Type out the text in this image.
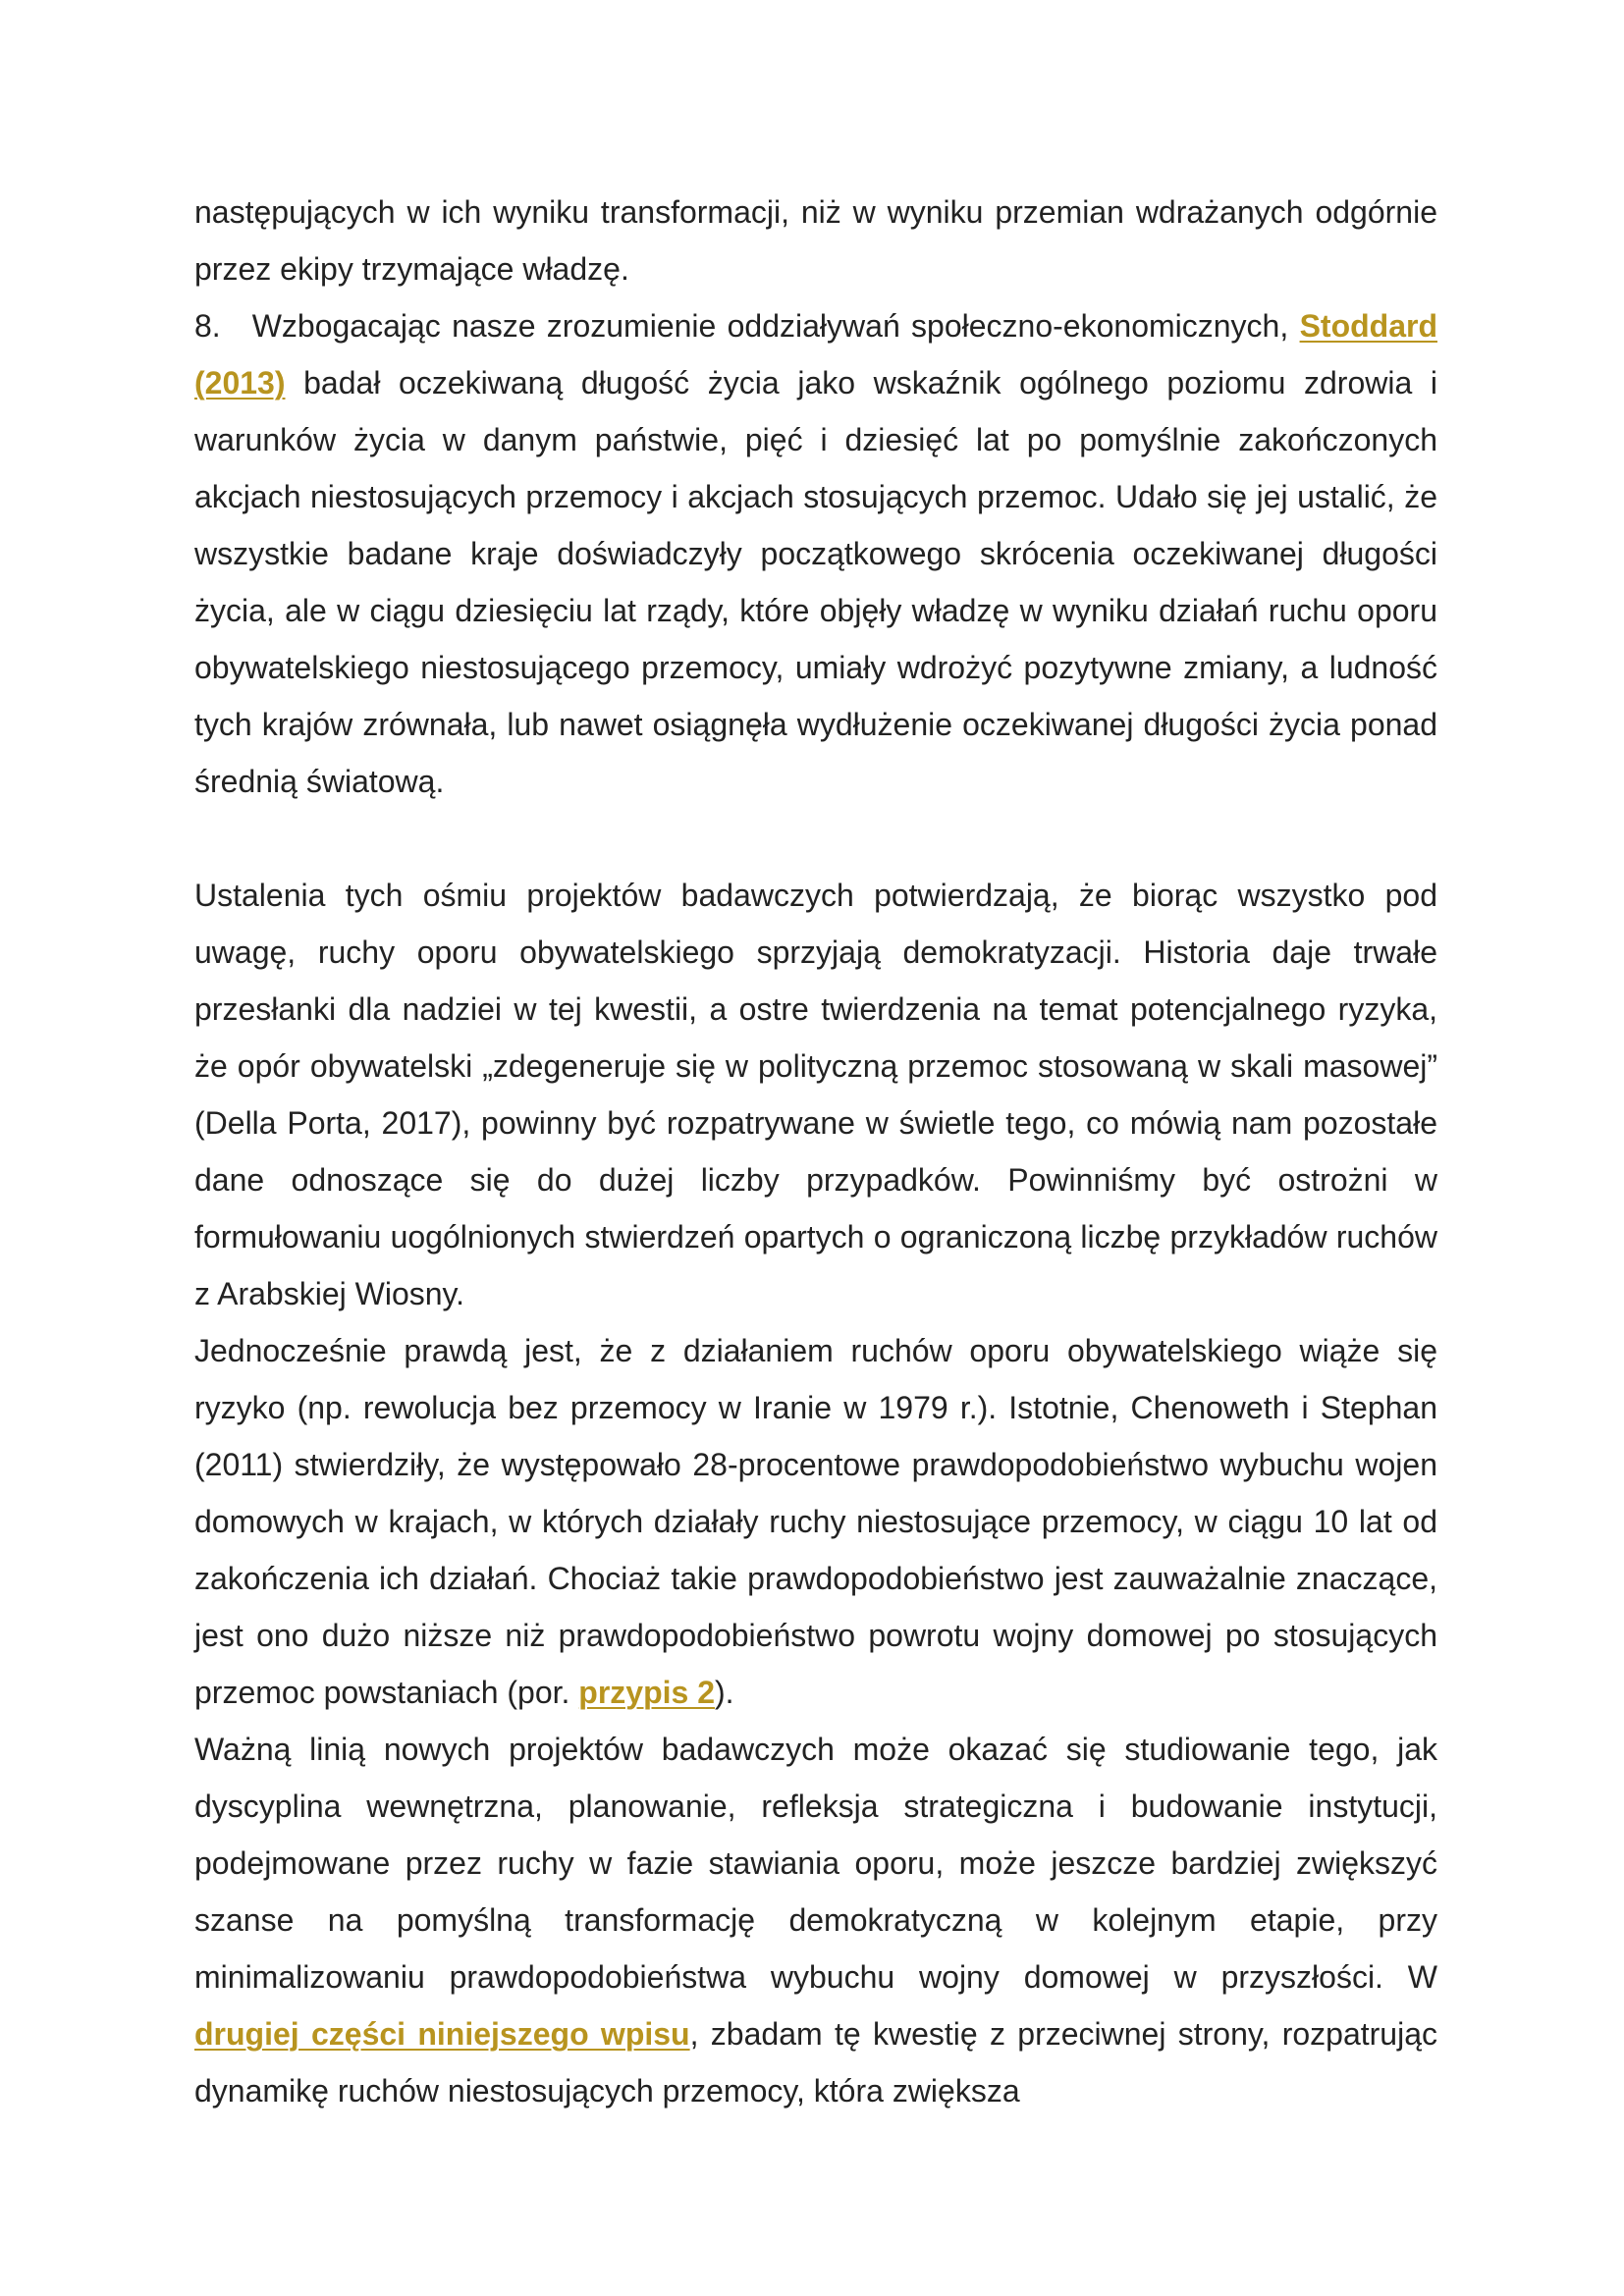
następujących w ich wyniku transformacji, niż w wyniku przemian wdrażanych odgórnie przez ekipy trzymające władzę.

8. Wzbogacając nasze zrozumienie oddziaływań społeczno-ekonomicznych, Stoddard (2013) badał oczekiwaną długość życia jako wskaźnik ogólnego poziomu zdrowia i warunków życia w danym państwie, pięć i dziesięć lat po pomyślnie zakończonych akcjach niestosujących przemocy i akcjach stosujących przemoc. Udało się jej ustalić, że wszystkie badane kraje doświadczyły początkowego skrócenia oczekiwanej długości życia, ale w ciągu dziesięciu lat rządy, które objęły władzę w wyniku działań ruchu oporu obywatelskiego niestosującego przemocy, umiały wdrożyć pozytywne zmiany, a ludność tych krajów zrównała, lub nawet osiągnęła wydłużenie oczekiwanej długości życia ponad średnią światową.

Ustalenia tych ośmiu projektów badawczych potwierdzają, że biorąc wszystko pod uwagę, ruchy oporu obywatelskiego sprzyjają demokratyzacji. Historia daje trwałe przesłanki dla nadziei w tej kwestii, a ostre twierdzenia na temat potencjalnego ryzyka, że opór obywatelski „zdegeneruje się w polityczną przemoc stosowaną w skali masowej” (Della Porta, 2017), powinny być rozpatrywane w świetle tego, co mówią nam pozostałe dane odnoszące się do dużej liczby przypadków. Powinniśmy być ostrożni w formułowaniu uogólnionych stwierdzeń opartych o ograniczoną liczbę przykładów ruchów z Arabskiej Wiosny.

Jednocześnie prawdą jest, że z działaniem ruchów oporu obywatelskiego wiąże się ryzyko (np. rewolucja bez przemocy w Iranie w 1979 r.). Istotnie, Chenoweth i Stephan (2011) stwierdziły, że występowało 28-procentowe prawdopodobieństwo wybuchu wojen domowych w krajach, w których działały ruchy niestosujące przemocy, w ciągu 10 lat od zakończenia ich działań. Chociaż takie prawdopodobieństwo jest zauważalnie znaczące, jest ono dużo niższe niż prawdopodobieństwo powrotu wojny domowej po stosujących przemoc powstaniach (por. przypis 2).

Ważną linią nowych projektów badawczych może okazać się studiowanie tego, jak dyscyplina wewnętrzna, planowanie, refleksja strategiczna i budowanie instytucji, podejmowane przez ruchy w fazie stawiania oporu, może jeszcze bardziej zwiększyć szanse na pomyślną transformację demokratyczną w kolejnym etapie, przy minimalizowaniu prawdopodobieństwa wybuchu wojny domowej w przyszłości. W drugiej części niniejszego wpisu, zbadam tę kwestię z przeciwnej strony, rozpatrując dynamikę ruchów niestosujących przemocy, która zwiększa
